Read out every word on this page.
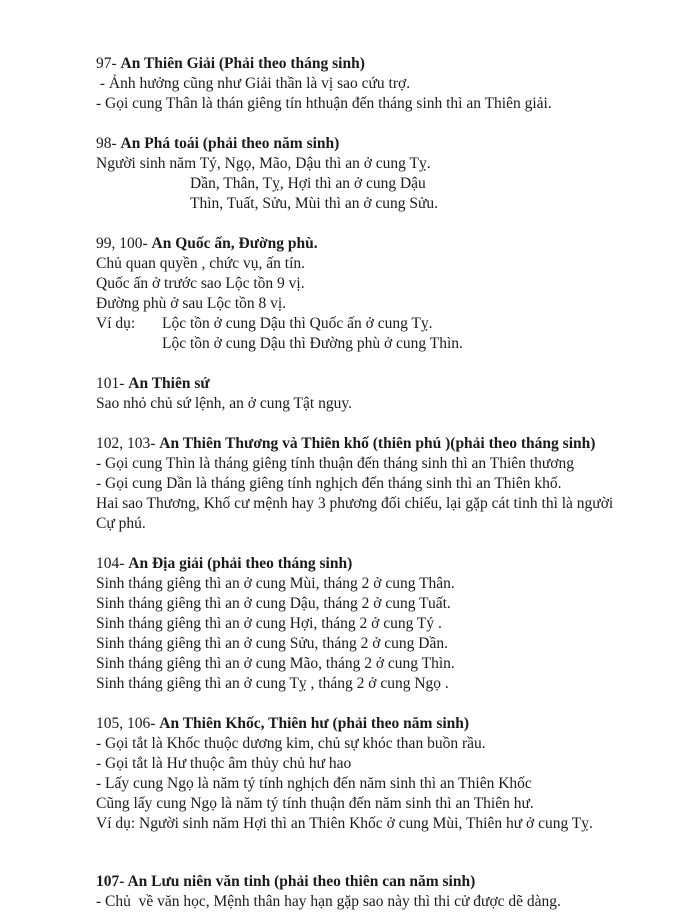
97- An Thiên Giải (Phải theo tháng sinh)

- Ảnh hưởng cũng như Giải thần là vị sao cứu trợ.

- Gọi cung Thân là thán giêng tín hthuận đến tháng sinh thì an Thiên giải.

98- An Phá toái (phải theo năm sinh)

Người sinh năm Tý, Ngọ, Mão, Dậu thì an ở cung Tỵ.

Dần, Thân, Tỵ, Hợi thì an ở cung Dậu

Thìn, Tuất, Sửu, Mùi thì an ở cung Sửu.

99, 100- An Quốc ấn, Đường phù.

Chủ quan quyền , chức vụ, ấn tín.

Quốc ấn ở trước sao Lộc tồn 9 vị.

Đường phù ở sau Lộc tồn 8 vị.

Ví dụ: Lộc tồn ở cung Dậu thì Quốc ấn ở cung Tỵ.

Lộc tồn ở cung Dậu thì Đường phù ở cung Thìn.

101- An Thiên sứ

Sao nhỏ chủ sứ lệnh, an ở cung Tật nguy.

102, 103- An Thiên Thương và Thiên khố (thiên phú )(phải theo tháng sinh)

- Gọi cung Thìn là tháng giêng tính thuận đến tháng sinh thì an Thiên thương

- Gọi cung Dần là tháng giêng tính nghịch đến tháng sinh thì an Thiên khố.

Hai sao Thương, Khố cư mệnh hay 3 phương đối chiếu, lại gặp cát tinh thì là người Cự phú.

104- An Địa giải (phải theo tháng sinh)

Sinh tháng giêng thì an ở cung Mùi, tháng 2 ở cung Thân.

Sinh tháng giêng thì an ở cung Dậu, tháng 2 ở cung Tuất.

Sinh tháng giêng thì an ở cung Hợi, tháng 2 ở cung Tý .

Sinh tháng giêng thì an ở cung Sửu, tháng 2 ở cung Dần.

Sinh tháng giêng thì an ở cung Mão, tháng 2 ở cung Thìn.

Sinh tháng giêng thì an ở cung Tỵ , tháng 2 ở cung Ngọ .

105, 106- An Thiên Khốc, Thiên hư (phải theo năm sinh)

- Gọi tắt là Khốc thuộc dương kim, chủ sự khóc than buồn rầu.

- Gọi tắt là Hư thuộc âm thủy chủ hư hao

- Lấy cung Ngọ là năm tý tính nghịch đến năm sinh thì an Thiên Khốc

Cũng lấy cung Ngọ là năm tý tính thuận đến năm sinh thì an Thiên hư.

Ví dụ: Người sinh năm Hợi thì an Thiên Khốc ở cung Mùi, Thiên hư ở cung Tỵ.

107- An Lưu niên văn tinh (phải theo thiên can năm sinh)

- Chủ  về văn học, Mệnh thân hay hạn gặp sao này thì thi cử được dẽ dàng.
